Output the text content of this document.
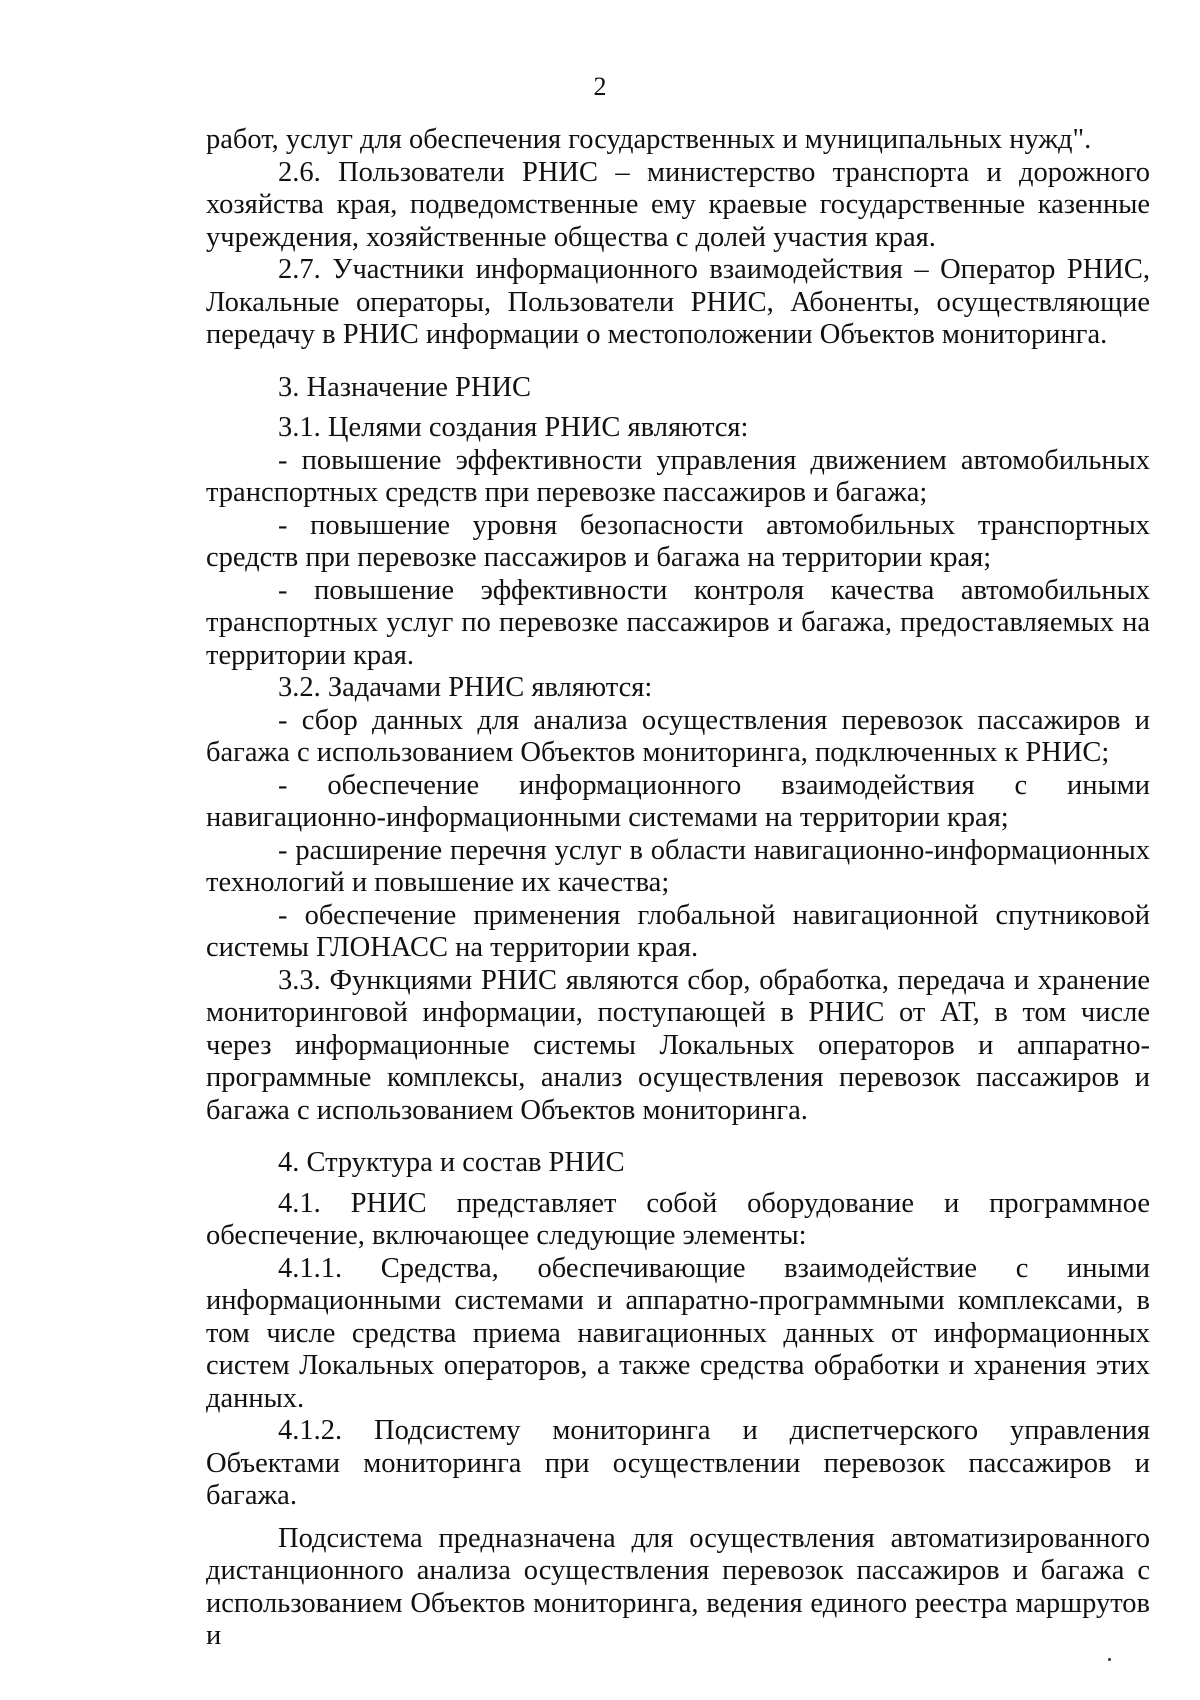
2

работ, услуг для обеспечения государственных и муниципальных нужд".

2.6. Пользователи РНИС – министерство транспорта и дорожного хозяйства края, подведомственные ему краевые государственные казенные учреждения, хозяйственные общества с долей участия края.

2.7. Участники информационного взаимодействия – Оператор РНИС, Локальные операторы, Пользователи РНИС, Абоненты, осуществляющие передачу в РНИС информации о местоположении Объектов мониторинга.

3. Назначение РНИС

3.1. Целями создания РНИС являются:

- повышение эффективности управления движением автомобильных транспортных средств при перевозке пассажиров и багажа;

- повышение уровня безопасности автомобильных транспортных средств при перевозке пассажиров и багажа на территории края;

- повышение эффективности контроля качества автомобильных транспортных услуг по перевозке пассажиров и багажа, предоставляемых на территории края.

3.2. Задачами РНИС являются:

- сбор данных для анализа осуществления перевозок пассажиров и багажа с использованием Объектов мониторинга, подключенных к РНИС;

- обеспечение информационного взаимодействия с иными навигационно-информационными системами на территории края;

- расширение перечня услуг в области навигационно-информационных технологий и повышение их качества;

- обеспечение применения глобальной навигационной спутниковой системы ГЛОНАСС на территории края.

3.3. Функциями РНИС являются сбор, обработка, передача и хранение мониторинговой информации, поступающей в РНИС от АТ, в том числе через информационные системы Локальных операторов и аппаратно-программные комплексы, анализ осуществления перевозок пассажиров и багажа с использованием Объектов мониторинга.

4. Структура и состав РНИС

4.1. РНИС представляет собой оборудование и программное обеспечение, включающее следующие элементы:

4.1.1. Средства, обеспечивающие взаимодействие с иными информационными системами и аппаратно-программными комплексами, в том числе средства приема навигационных данных от информационных систем Локальных операторов, а также средства обработки и хранения этих данных.

4.1.2. Подсистему мониторинга и диспетчерского управления Объектами мониторинга при осуществлении перевозок пассажиров и багажа.

Подсистема предназначена для осуществления автоматизированного дистанционного анализа осуществления перевозок пассажиров и багажа с использованием Объектов мониторинга, ведения единого реестра маршрутов и
